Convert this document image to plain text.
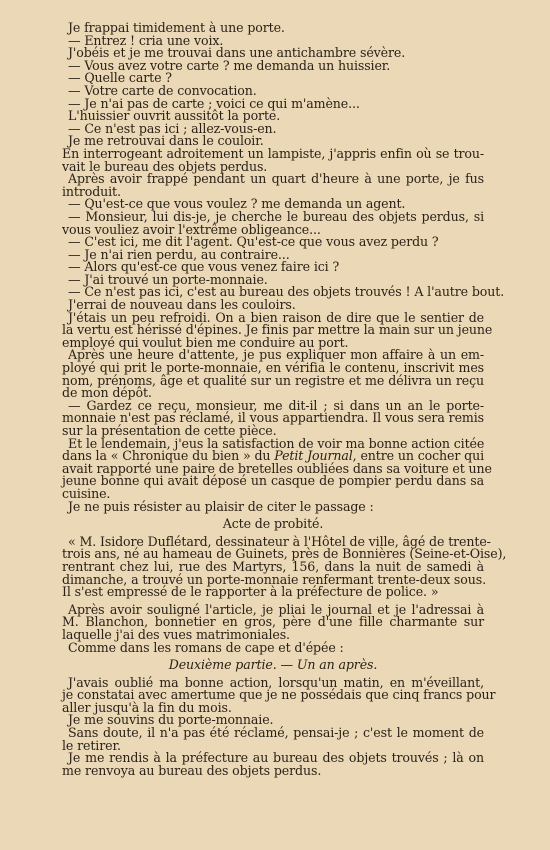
Je frappai timidement à une porte.
— Entrez ! cria une voix.
J'obéis et je me trouvai dans une antichambre sévère.
— Vous avez votre carte ? me demanda un huissier.
— Quelle carte ?
— Votre carte de convocation.
— Je n'ai pas de carte ; voici ce qui m'amène...
L'huissier ouvrit aussitôt la porte.
— Ce n'est pas ici ; allez-vous-en.
Je me retrouvai dans le couloir.
En interrogeant adroitement un lampiste, j'appris enfin où se trou-
vait le bureau des objets perdus.
Après avoir frappé pendant un quart d'heure à une porte, je fus
introduit.
— Qu'est-ce que vous voulez ? me demanda un agent.
— Monsieur, lui dis-je, je cherche le bureau des objets perdus, si
vous vouliez avoir l'extrême obligeance...
— C'est ici, me dit l'agent. Qu'est-ce que vous avez perdu ?
— Je n'ai rien perdu, au contraire...
— Alors qu'est-ce que vous venez faire ici ?
— J'ai trouvé un porte-monnaie.
— Ce n'est pas ici, c'est au bureau des objets trouvés ! A l'autre bout.
J'errai de nouveau dans les couloirs.
J'étais un peu refroidi. On a bien raison de dire que le sentier de
la vertu est hérissé d'épines. Je finis par mettre la main sur un jeune
employé qui voulut bien me conduire au port.
Après une heure d'attente, je pus expliquer mon affaire à un em-
ployé qui prit le porte-monnaie, en vérifia le contenu, inscrivit mes
nom, prénoms, âge et qualité sur un registre et me délivra un reçu
de mon dépôt.
— Gardez ce reçu, monsieur, me dit-il ; si dans un an le porte-
monnaie n'est pas réclamé, il vous appartiendra. Il vous sera remis
sur la présentation de cette pièce.
Et le lendemain, j'eus la satisfaction de voir ma bonne action citée
dans la « Chronique du bien » du Petit Journal, entre un cocher qui
avait rapporté une paire de bretelles oubliées dans sa voiture et une
jeune bonne qui avait déposé un casque de pompier perdu dans sa
cuisine.
Je ne puis résister au plaisir de citer le passage :
Acte de probité.
« M. Isidore Duflétard, dessinateur à l'Hôtel de ville, âgé de trente-
trois ans, né au hameau de Guinets, près de Bonnières (Seine-et-Oise),
rentrant chez lui, rue des Martyrs, 156, dans la nuit de samedi à
dimanche, a trouvé un porte-monnaie renfermant trente-deux sous.
Il s'est empressé de le rapporter à la préfecture de police. »
Après avoir souligné l'article, je pliai le journal et je l'adressai à
M. Blanchon, bonnetier en gros, père d'une fille charmante sur
laquelle j'ai des vues matrimoniales.
Comme dans les romans de cape et d'épée :
Deuxième partie. — Un an après.
J'avais oublié ma bonne action, lorsqu'un matin, en m'éveillant,
je constatai avec amertume que je ne possédais que cinq francs pour
aller jusqu'à la fin du mois.
Je me souvins du porte-monnaie.
Sans doute, il n'a pas été réclamé, pensai-je ; c'est le moment de
le retirer.
Je me rendis à la préfecture au bureau des objets trouvés ; là on
me renvoya au bureau des objets perdus.
